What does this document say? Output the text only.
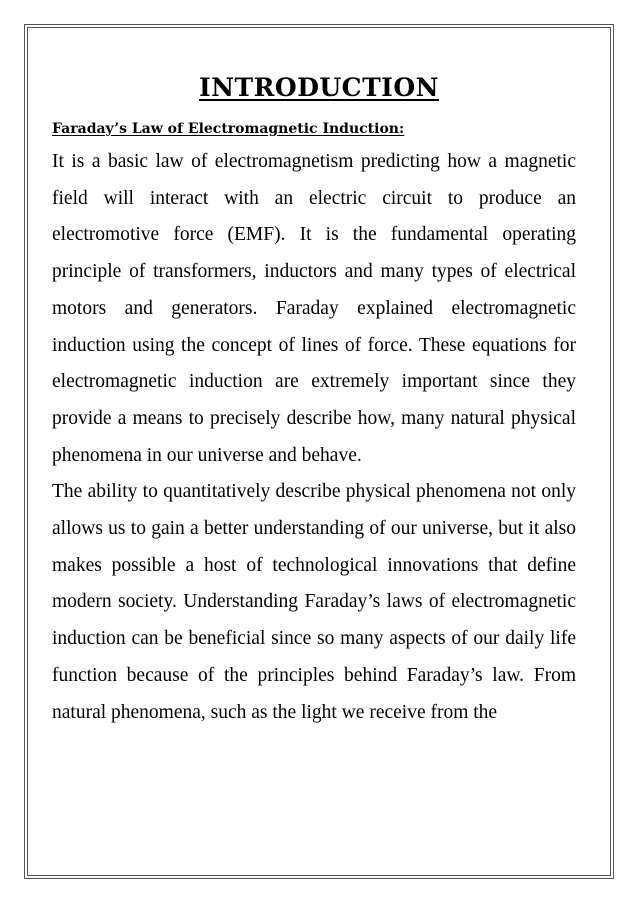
INTRODUCTION
Faraday’s Law of Electromagnetic Induction:

It is a basic law of electromagnetism predicting how a magnetic field will interact with an electric circuit to produce an electromotive force (EMF). It is the fundamental operating principle of transformers, inductors and many types of electrical motors and generators. Faraday explained electromagnetic induction using the concept of lines of force. These equations for electromagnetic induction are extremely important since they provide a means to precisely describe how, many natural physical phenomena in our universe and behave.

The ability to quantitatively describe physical phenomena not only allows us to gain a better understanding of our universe, but it also makes possible a host of technological innovations that define modern society. Understanding Faraday’s laws of electromagnetic induction can be beneficial since so many aspects of our daily life function because of the principles behind Faraday’s law. From natural phenomena, such as the light we receive from the
